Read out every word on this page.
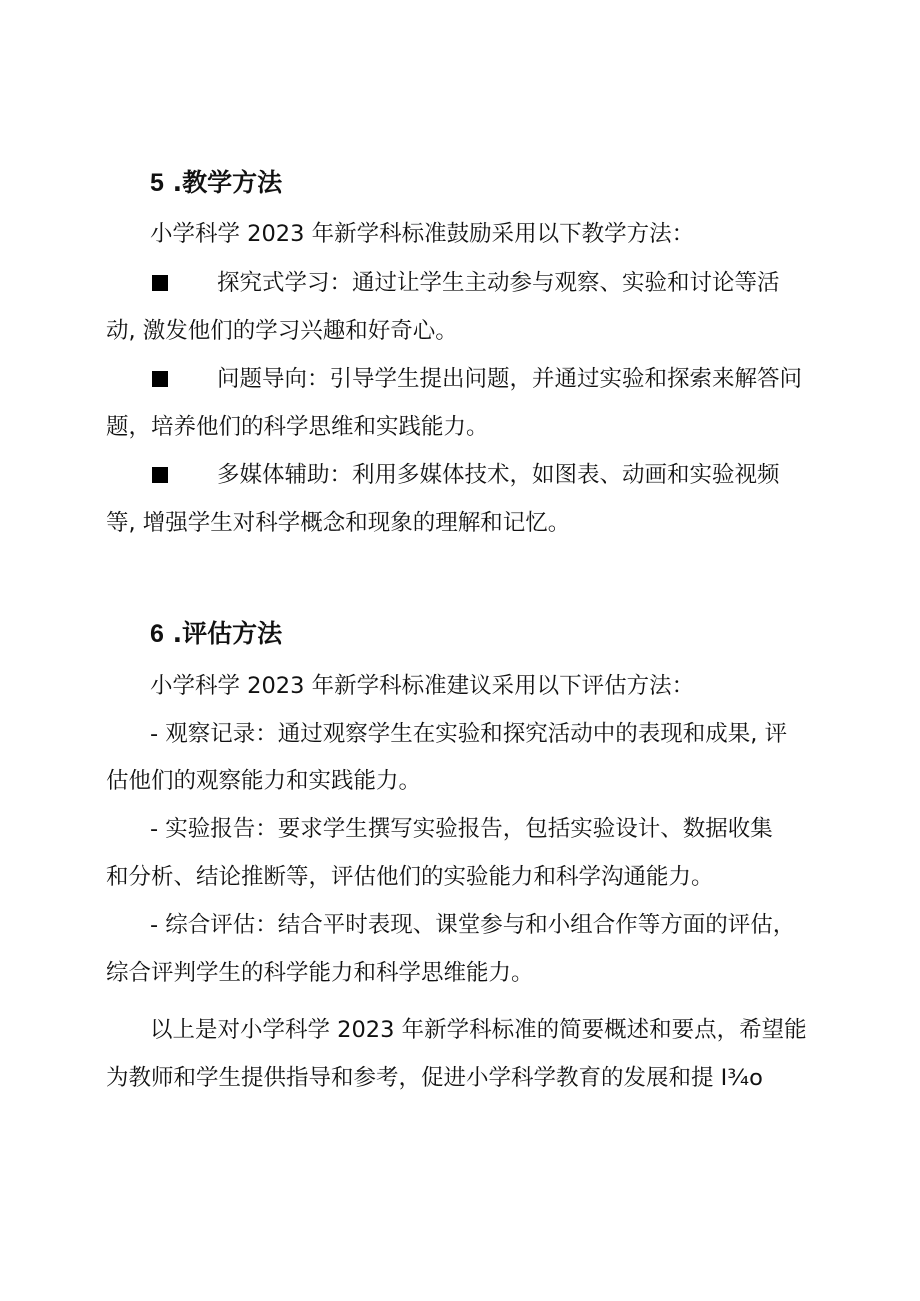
5 .教学方法
小学科学 2023 年新学科标准鼓励采用以下教学方法：
探究式学习：通过让学生主动参与观察、实验和讨论等活
动, 激发他们的学习兴趣和好奇心。
问题导向：引导学生提出问题，并通过实验和探索来解答问
题，培养他们的科学思维和实践能力。
多媒体辅助：利用多媒体技术，如图表、动画和实验视频
等, 增强学生对科学概念和现象的理解和记忆。
6 .评估方法
小学科学 2023 年新学科标准建议采用以下评估方法：
- 观察记录：通过观察学生在实验和探究活动中的表现和成果, 评
估他们的观察能力和实践能力。
- 实验报告：要求学生撰写实验报告，包括实验设计、数据收集
和分析、结论推断等，评估他们的实验能力和科学沟通能力。
- 综合评估：结合平时表现、课堂参与和小组合作等方面的评估，
综合评判学生的科学能力和科学思维能力。
以上是对小学科学 2023 年新学科标准的简要概述和要点，希望能
为教师和学生提供指导和参考，促进小学科学教育的发展和提 I¾o
